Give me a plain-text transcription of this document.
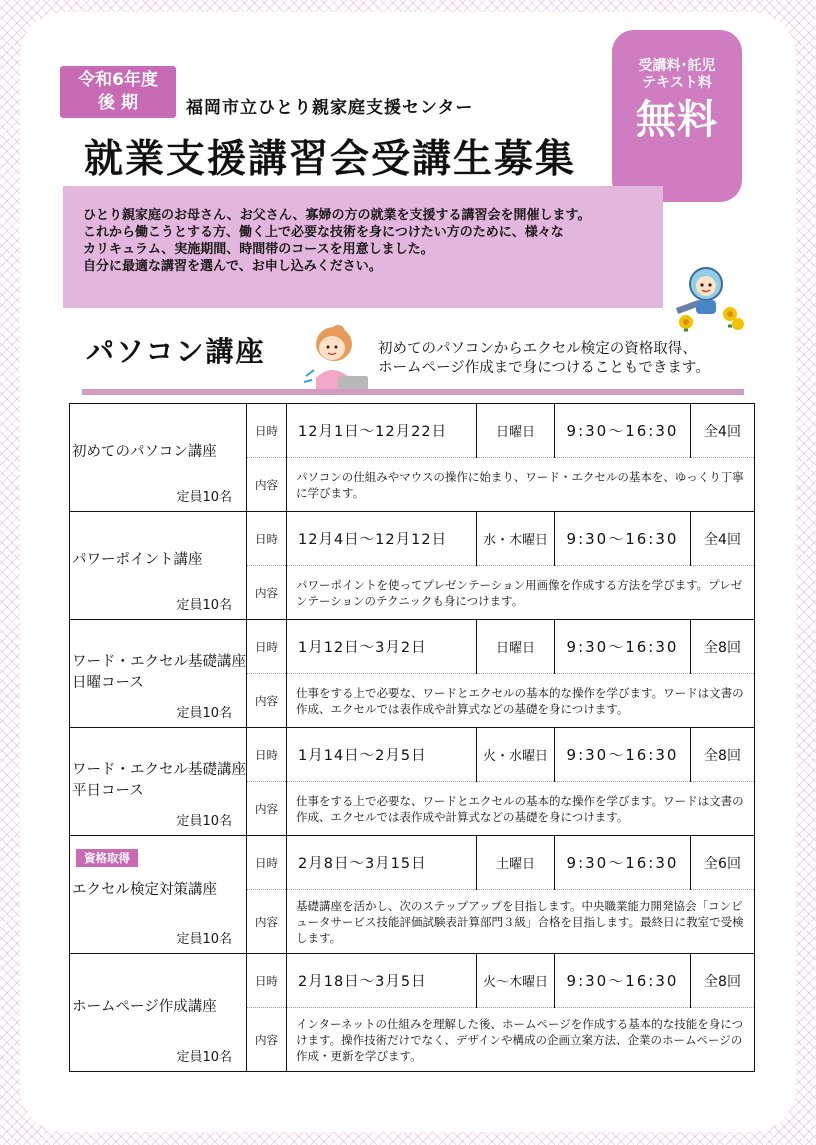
令和6年度
後 期	福岡市立ひとり親家庭支援センター
就業支援講習会受講生募集
受講料･託児
テキスト料
無料
ひとり親家庭のお母さん、お父さん、寡婦の方の就業を支援する講習会を開催します。
これから働こうとする方、働く上で必要な技術を身につけたい方のために、様々な
カリキュラム、実施期間、時間帯のコースを用意しました。
自分に最適な講習を選んで、お申し込みください。
パソコン講座	初めてのパソコンからエクセル検定の資格取得、
ホームページ作成まで身につけることもできます。
初めてのパソコン講座
定員10名	日時	12月1日～12月22日	日曜日	9:30～16:30	全4回
	内容	パソコンの仕組みやマウスの操作に始まり、ワード・エクセルの基本を、ゆっくり丁寧に学びます。			

パワーポイント講座
定員10名	日時	12月4日～12月12日	水・木曜日	9:30～16:30	全4回
	内容	パワーポイントを使ってプレゼンテーション用画像を作成する方法を学びます。プレゼンテーションのテクニックも身につけます。			

ワード・エクセル基礎講座
日曜コース
定員10名	日時	1月12日～3月2日	日曜日	9:30～16:30	全8回
	内容	仕事をする上で必要な、ワードとエクセルの基本的な操作を学びます。ワードは文書の作成、エクセルでは表作成や計算式などの基礎を身につけます。			

ワード・エクセル基礎講座
平日コース
定員10名	日時	1月14日～2月5日	火・水曜日	9:30～16:30	全8回
	内容	仕事をする上で必要な、ワードとエクセルの基本的な操作を学びます。ワードは文書の作成、エクセルでは表作成や計算式などの基礎を身につけます。			

資格取得
エクセル検定対策講座
定員10名	日時	2月8日～3月15日	土曜日	9:30～16:30	全6回
	内容	基礎講座を活かし、次のステップアップを目指します。中央職業能力開発協会「コンピュータサービス技能評価試験表計算部門３級」合格を目指します。最終日に教室で受検します。			

ホームページ作成講座
定員10名	日時	2月18日～3月5日	火～木曜日	9:30～16:30	全8回
	内容	インターネットの仕組みを理解した後、ホームページを作成する基本的な技能を身につけます。操作技術だけでなく、デザインや構成の企画立案方法、企業のホームページの作成・更新を学びます。			
